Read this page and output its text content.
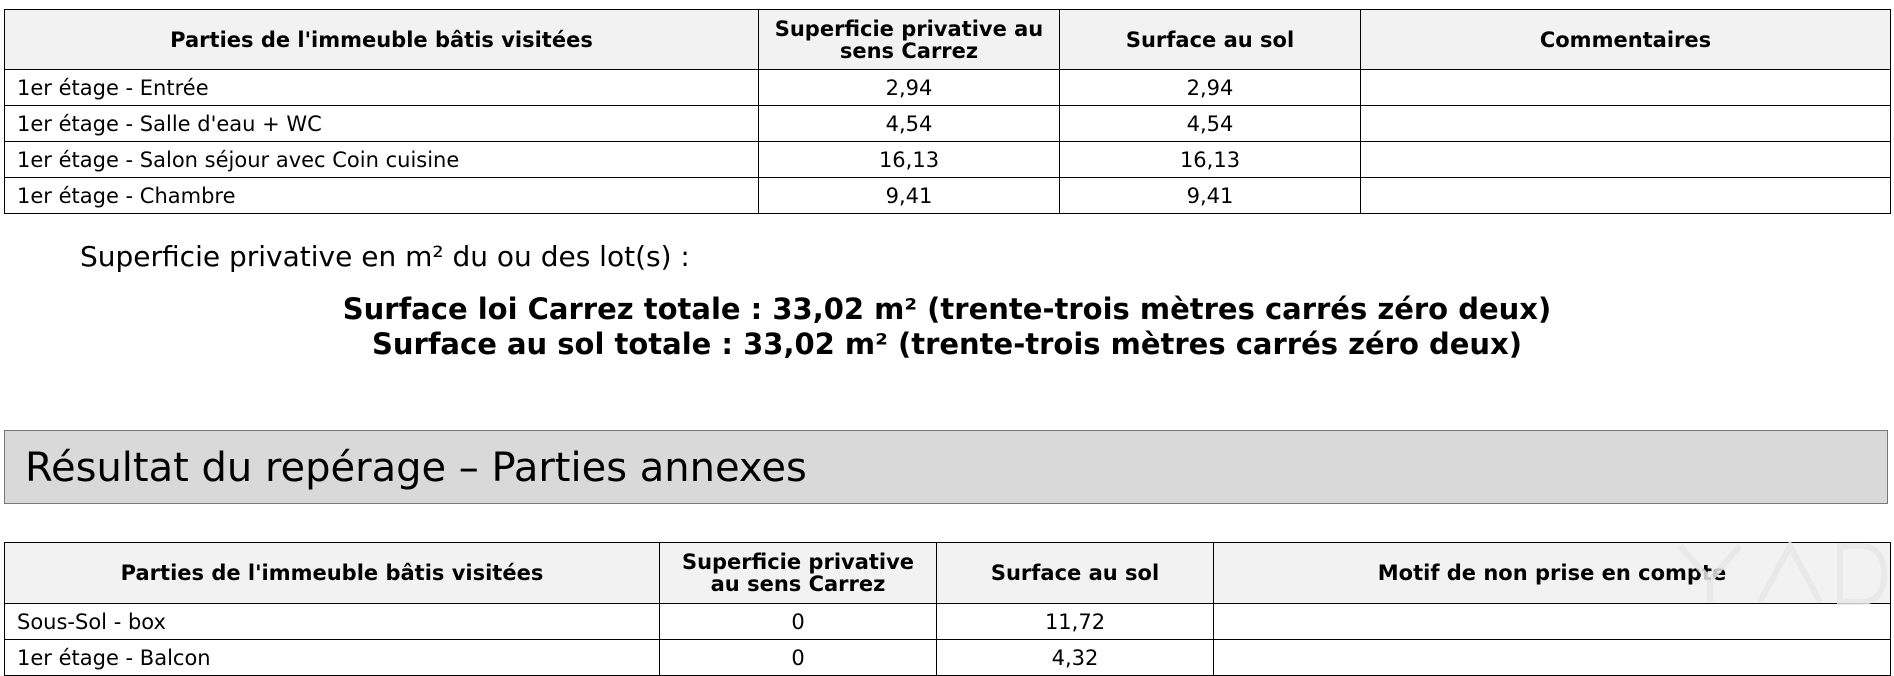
Parties de l'immeuble bâtis visitées	Superficie privative au sens Carrez	Surface au sol	Commentaires
1er étage - Entrée	2,94	2,94	
1er étage - Salle d'eau + WC	4,54	4,54	
1er étage - Salon séjour avec Coin cuisine	16,13	16,13	
1er étage - Chambre	9,41	9,41	
Superficie privative en m² du ou des lot(s) :
Surface loi Carrez totale : 33,02 m² (trente-trois mètres carrés zéro deux)
Surface au sol totale : 33,02 m² (trente-trois mètres carrés zéro deux)
Résultat du repérage – Parties annexes
Parties de l'immeuble bâtis visitées	Superficie privative au sens Carrez	Surface au sol	Motif de non prise en compte
Sous-Sol - box	0	11,72	
1er étage - Balcon	0	4,32	
